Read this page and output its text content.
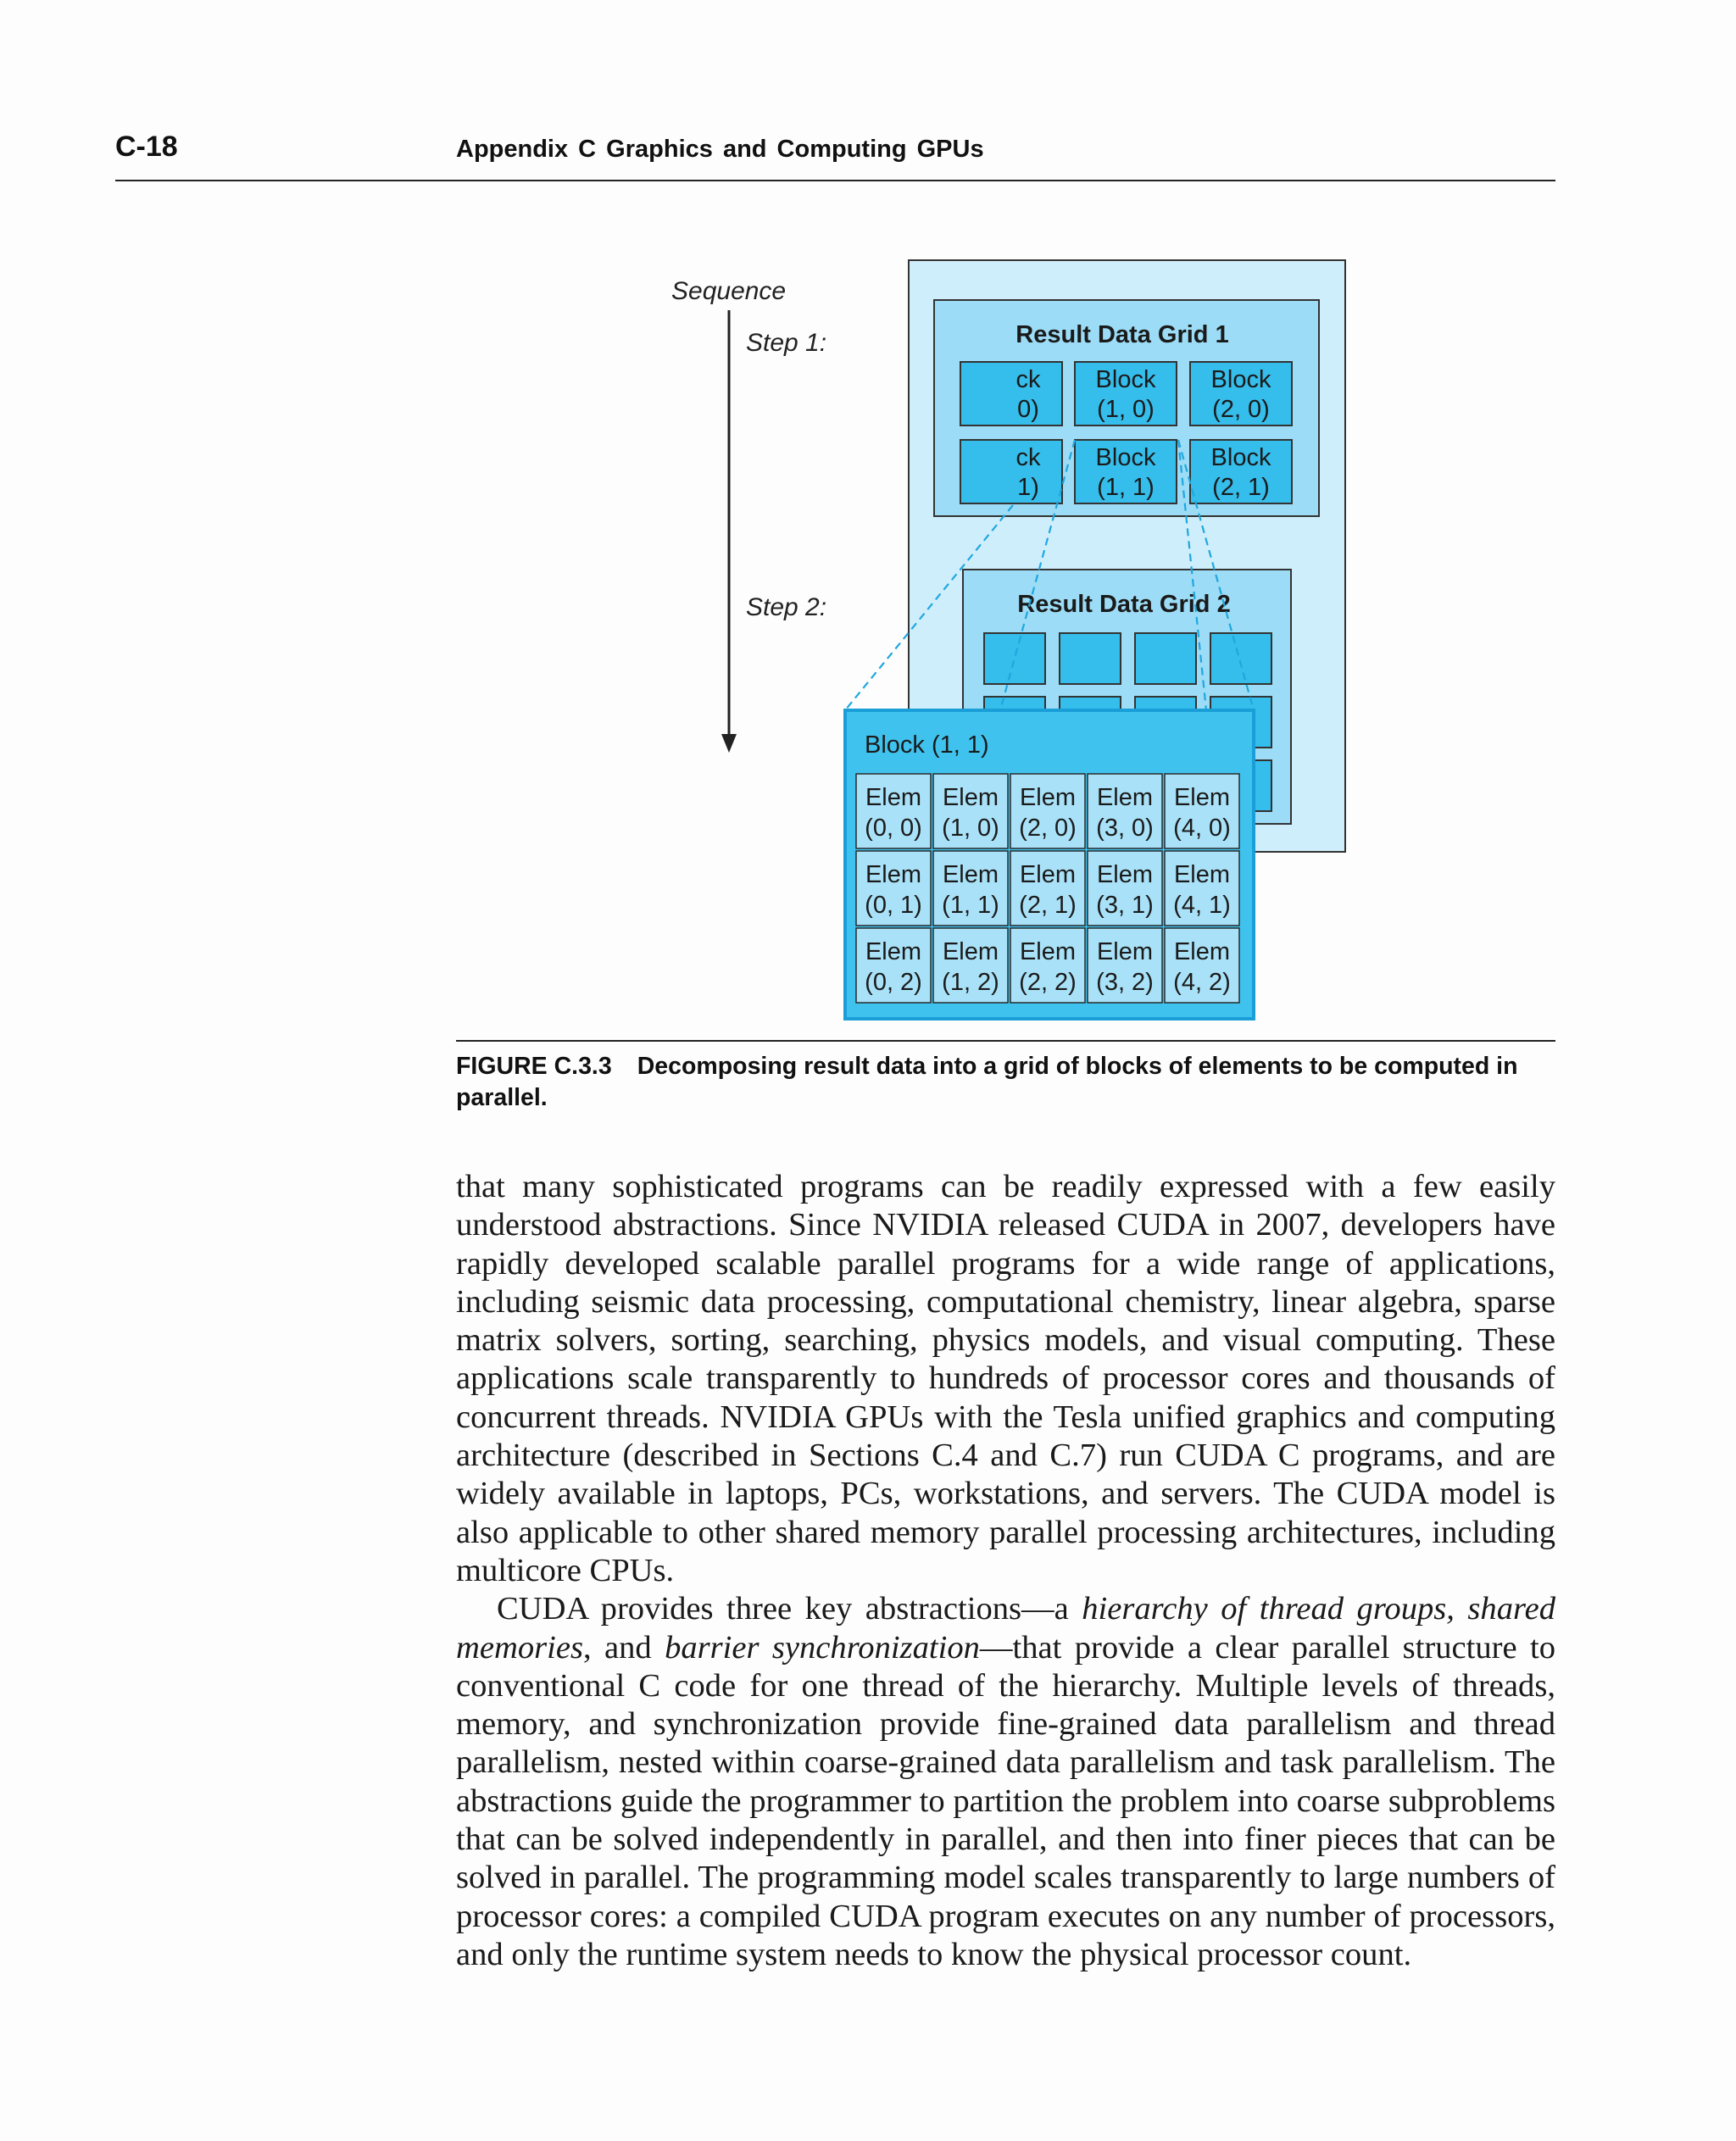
C-18	Appendix C Graphics and Computing GPUs
Sequence
Step 1:
Step 2:
Result Data Grid 1
ck
0)
Block
(1, 0)
Block
(2, 0)
ck
1)
Block
(1, 1)
Block
(2, 1)
Result Data Grid 2
Block (1, 1)
Elem
(0, 0)
Elem
(1, 0)
Elem
(2, 0)
Elem
(3, 0)
Elem
(4, 0)
Elem
(0, 1)
Elem
(1, 1)
Elem
(2, 1)
Elem
(3, 1)
Elem
(4, 1)
Elem
(0, 2)
Elem
(1, 2)
Elem
(2, 2)
Elem
(3, 2)
Elem
(4, 2)
FIGURE C.3.3 Decomposing result data into a grid of blocks of elements to be computed in parallel.

that many sophisticated programs can be readily expressed with a few easily understood abstractions. Since NVIDIA released CUDA in 2007, developers have rapidly developed scalable parallel programs for a wide range of applications, including seismic data processing, computational chemistry, linear algebra, sparse matrix solvers, sorting, searching, physics models, and visual computing. These applications scale transparently to hundreds of processor cores and thousands of concurrent threads. NVIDIA GPUs with the Tesla unified graphics and computing architecture (described in Sections C.4 and C.7) run CUDA C programs, and are widely available in laptops, PCs, workstations, and servers. The CUDA model is also applicable to other shared memory parallel processing architectures, including multicore CPUs.

CUDA provides three key abstractions—a hierarchy of thread groups, shared memories, and barrier synchronization—that provide a clear parallel structure to conventional C code for one thread of the hierarchy. Multiple levels of threads, memory, and synchronization provide fine-grained data parallelism and thread parallelism, nested within coarse-grained data parallelism and task parallelism. The abstractions guide the programmer to partition the problem into coarse subproblems that can be solved independently in parallel, and then into finer pieces that can be solved in parallel. The programming model scales transparently to large numbers of processor cores: a compiled CUDA program executes on any number of processors, and only the runtime system needs to know the physical processor count.
